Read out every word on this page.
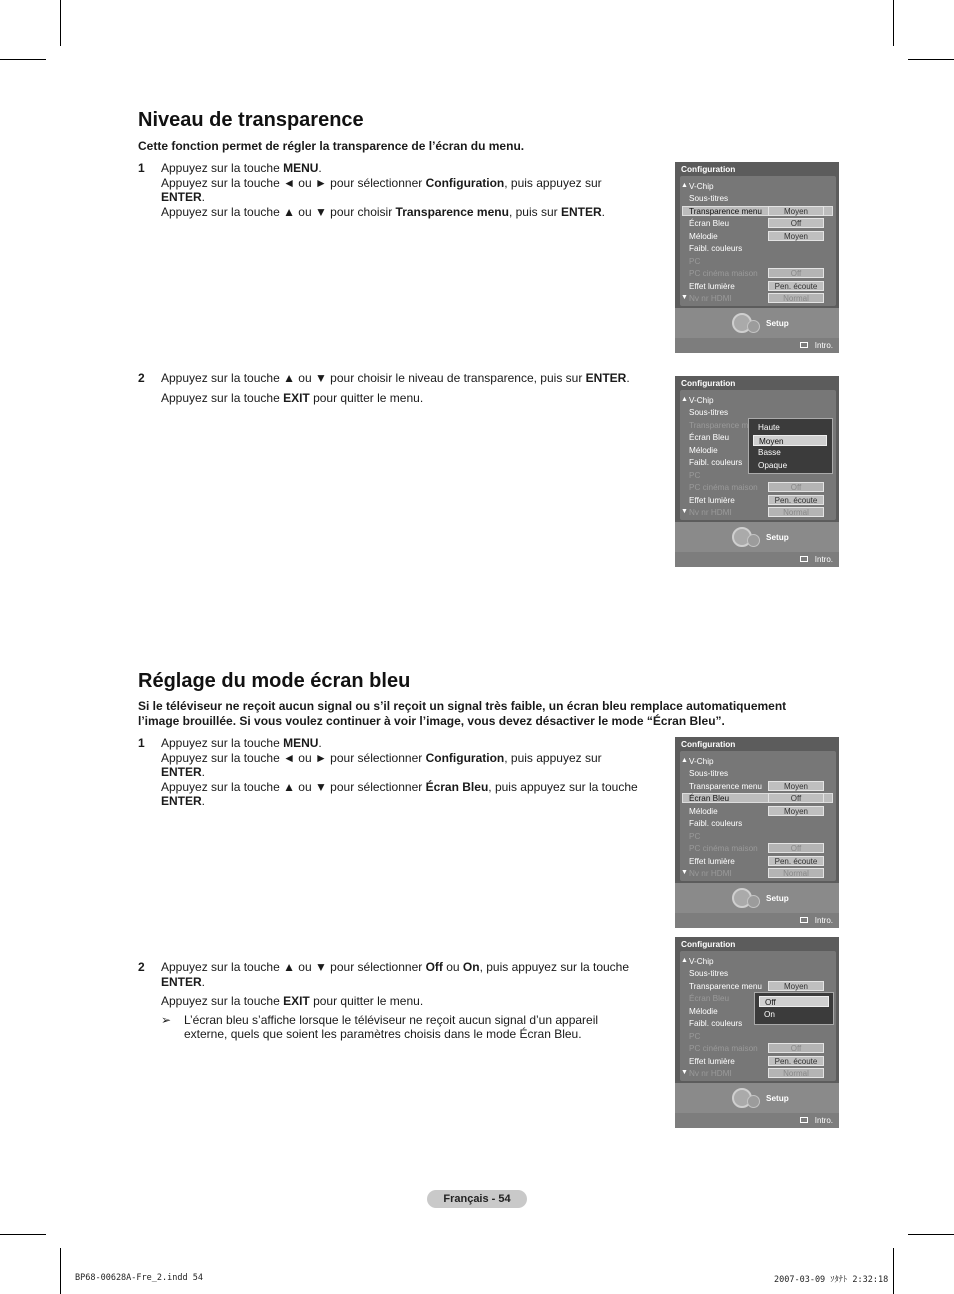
Niveau de transparence

Cette fonction permet de régler la transparence de l’écran du menu.

1 Appuyez sur la touche MENU.

Appuyez sur la touche ◄ ou ► pour sélectionner Configuration, puis appuyez sur

ENTER.

Appuyez sur la touche ▲ ou ▼ pour choisir Transparence menu, puis sur ENTER.

2 Appuyez sur la touche ▲ ou ▼ pour choisir le niveau de transparence, puis sur ENTER.

Appuyez sur la touche EXIT pour quitter le menu.

Réglage du mode écran bleu

Si le téléviseur ne reçoit aucun signal ou s’il reçoit un signal très faible, un écran bleu remplace automatiquement l’image brouillée. Si vous voulez continuer à voir l’image, vous devez désactiver le mode “Écran Bleu”.

1 Appuyez sur la touche MENU.

Appuyez sur la touche ◄ ou ► pour sélectionner Configuration, puis appuyez sur

ENTER.

Appuyez sur la touche ▲ ou ▼ pour sélectionner Écran Bleu, puis appuyez sur la touche

ENTER.

2 Appuyez sur la touche ▲ ou ▼ pour sélectionner Off ou On, puis appuyez sur la touche

ENTER.

Appuyez sur la touche EXIT pour quitter le menu.

➢ L’écran bleu s’affiche lorsque le téléviseur ne reçoit aucun signal d’un appareil externe, quels que soient les paramètres choisis dans le mode Écran Bleu.
Configuration
▲ V-Chip
Sous-titres
Transparence menu	Moyen
Écran Bleu	Off
Mélodie	Moyen
Faibl. couleurs
PC
PC cinéma maison	Off
Effet lumière	Pen. écoute
▼ Nv nr HDMI	Normal
Setup
Intro.
Configuration
▲ V-Chip
Sous-titres
Transparence m
Écran Bleu
Mélodie
Faibl. couleurs
PC
PC cinéma maison	Off
Effet lumière	Pen. écoute
▼ Nv nr HDMI	Normal
Haute
Moyen
Basse
Opaque
Setup
Intro.
Configuration
▲ V-Chip
Sous-titres
Transparence menu	Moyen
Écran Bleu	Off
Mélodie	Moyen
Faibl. couleurs
PC
PC cinéma maison	Off
Effet lumière	Pen. écoute
▼ Nv nr HDMI	Normal
Setup
Intro.
Configuration
▲ V-Chip
Sous-titres
Transparence menu	Moyen
Écran Bleu
Mélodie
Faibl. couleurs
PC
PC cinéma maison	Off
Effet lumière	Pen. écoute
▼ Nv nr HDMI	Normal
Off
On
Setup
Intro.
Français - 54
BP68-00628A-Fre_2.indd 54	2007-03-09 ｿﾀﾅﾄ 2:32:18
